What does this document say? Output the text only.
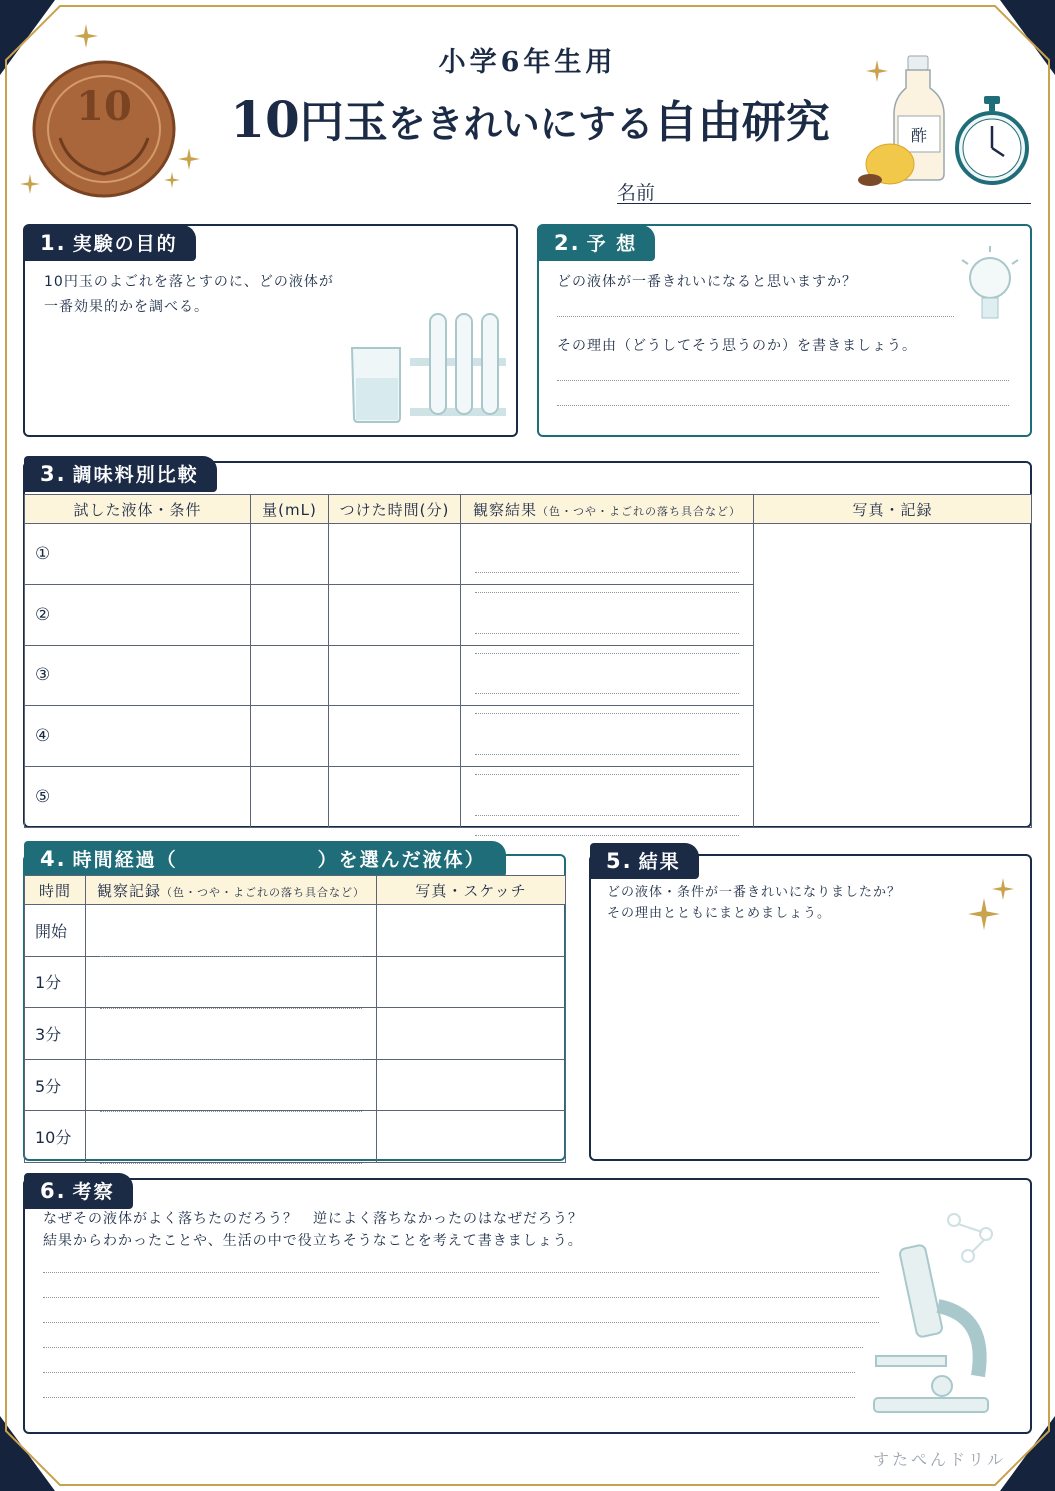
10
小学6年生用
10円玉をきれいにする自由研究	酢
名前
1. 実験の目的
10円玉のよごれを落とすのに、どの液体が
一番効果的かを調べる。
2. 予 想
どの液体が一番きれいになると思いますか？
その理由（どうしてそう思うのか）を書きましょう。
3. 調味料別比較
試した液体・条件	量(mL)	つけた時間(分)	観察結果（色・つや・よごれの落ち具合など）	写真・記録
①			

②				

③				

④				

⑤				
4. 時間経過（	）を選んだ液体）
時間	観察記録（色・つや・よごれの落ち具合など）	写真・スケッチ
開始	

1分	

3分	

5分	

10分	

5. 結果
どの液体・条件が一番きれいになりましたか？
その理由とともにまとめましょう。
6. 考察
なぜその液体がよく落ちたのだろう？　逆によく落ちなかったのはなぜだろう？
結果からわかったことや、生活の中で役立ちそうなことを考えて書きましょう。
すたぺんドリル
